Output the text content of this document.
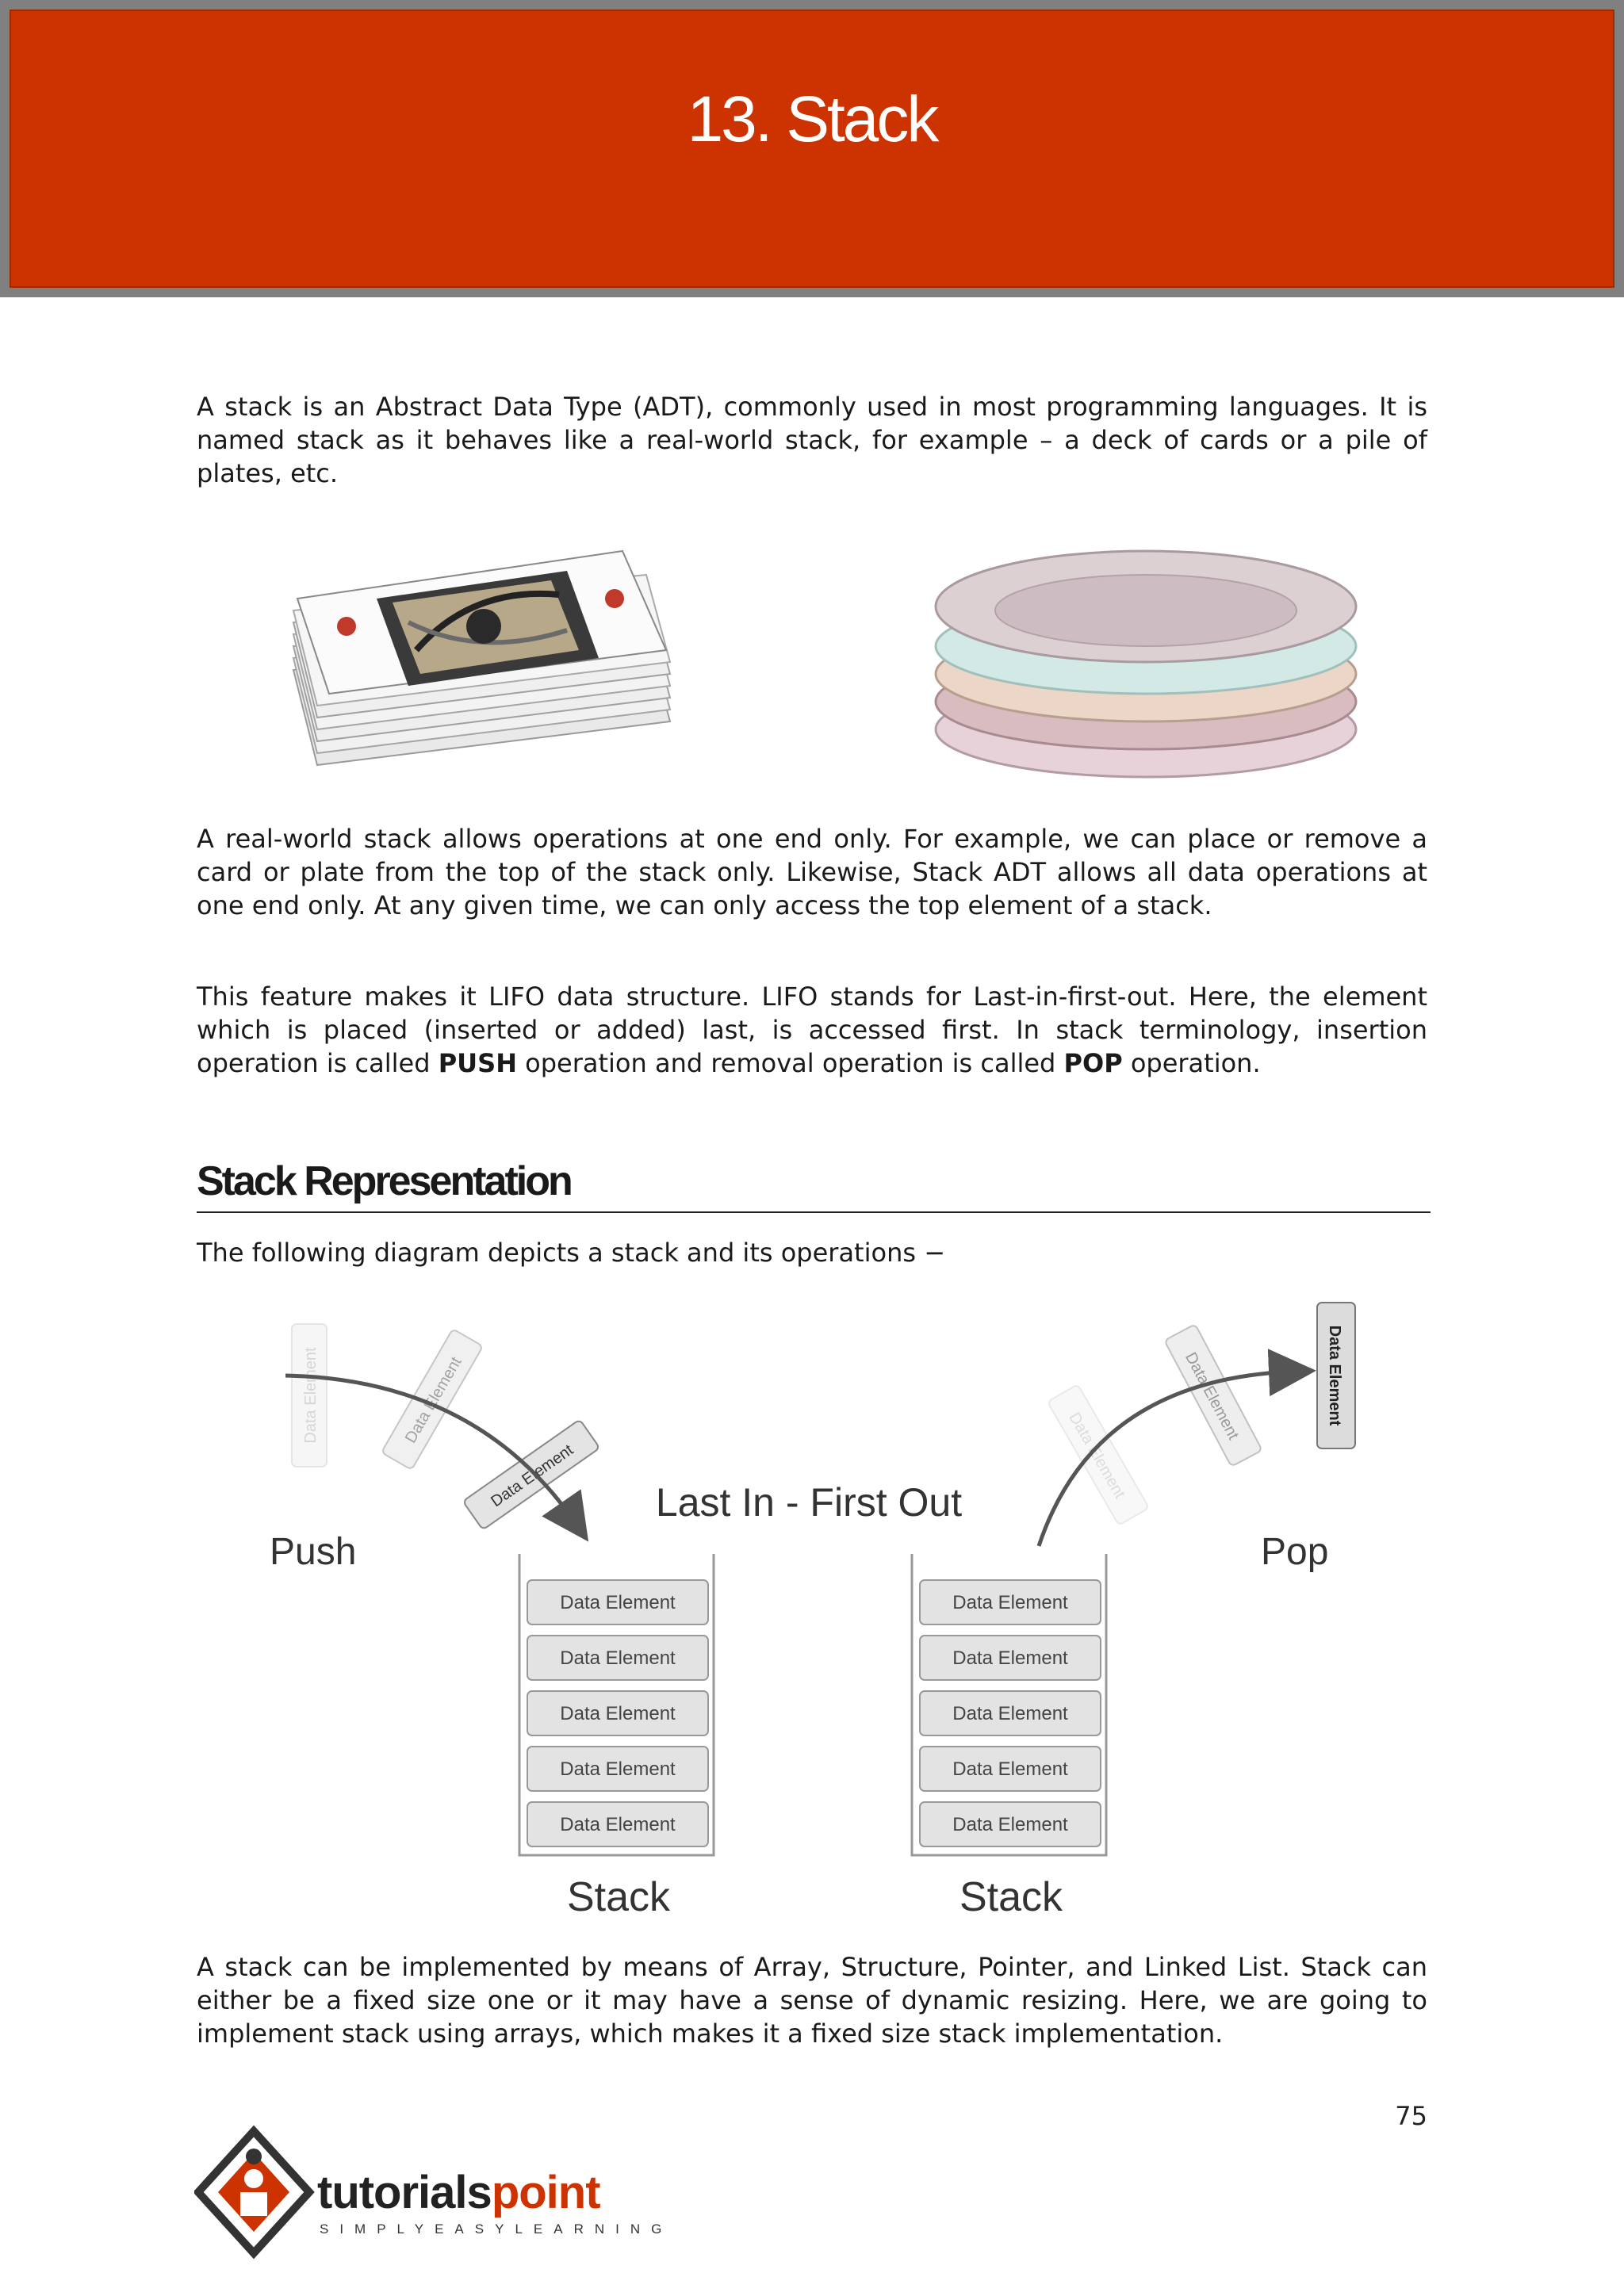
13. Stack

A stack is an Abstract Data Type (ADT), commonly used in most programming languages. It is named stack as it behaves like a real-world stack, for example – a deck of cards or a pile of plates, etc.

A real-world stack allows operations at one end only. For example, we can place or remove a card or plate from the top of the stack only. Likewise, Stack ADT allows all data operations at one end only. At any given time, we can only access the top element of a stack.

This feature makes it LIFO data structure. LIFO stands for Last-in-first-out. Here, the element which is placed (inserted or added) last, is accessed first. In stack terminology, insertion operation is called PUSH operation and removal operation is called POP operation.

Stack Representation

The following diagram depicts a stack and its operations −

Data Element	Data Element
Data Element	Data Element
Data Element	Data Element
Last In - First Out
Push	Pop
Data Element
Data Element
Data Element
Data Element
Data Element
Stack
Data Element
Data Element
Data Element
Data Element
Data Element
Stack

A stack can be implemented by means of Array, Structure, Pointer, and Linked List. Stack can either be a fixed size one or it may have a sense of dynamic resizing. Here, we are going to implement stack using arrays, which makes it a fixed size stack implementation.

75
tutorialspoint
SIMPLYEASYLEARNING
